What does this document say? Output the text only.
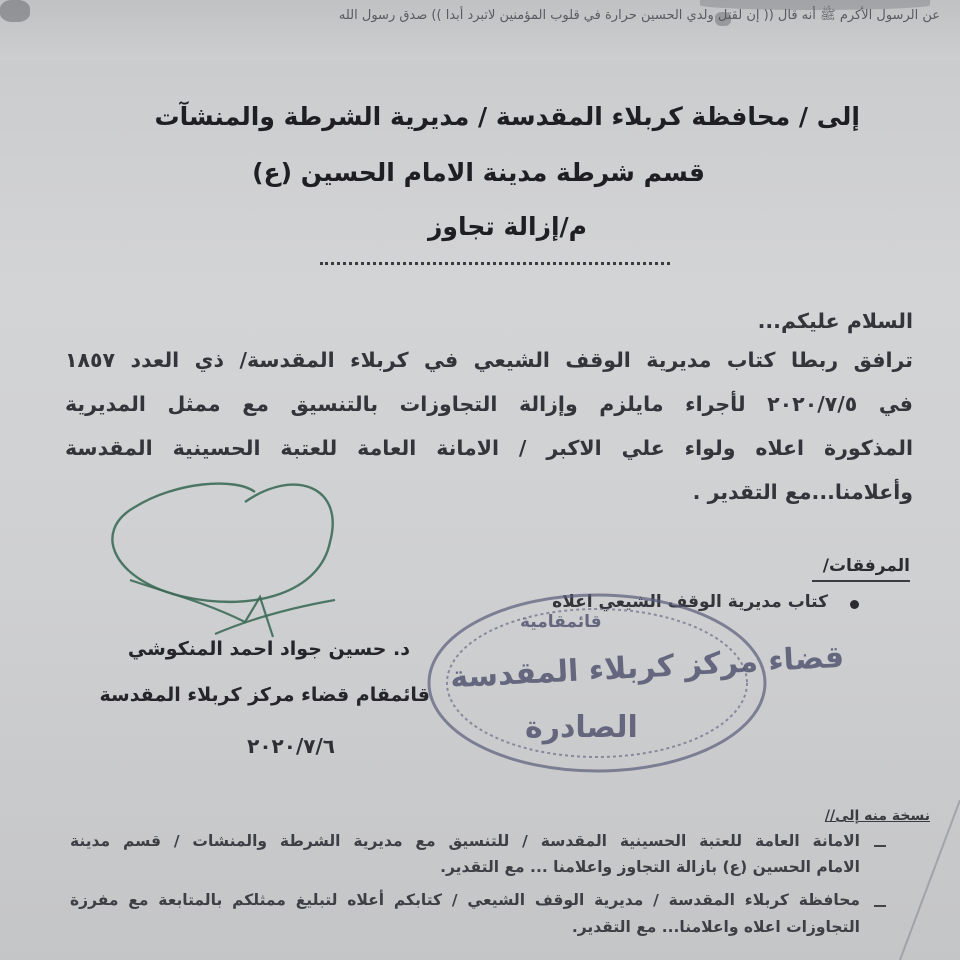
عن الرسول الأكرم ﷺ أنه قال (( إن لقتل ولدي الحسين حرارة في قلوب المؤمنين لاتبرد أبدا )) صدق رسول الله
إلى / محافظة كربلاء المقدسة / مديرية الشرطة والمنشآت
قسم شرطة مدينة الامام الحسين (ع)
م/إزالة تجاوز
السلام عليكم...
ترافق ربطا كتاب مديرية الوقف الشيعي في كربلاء المقدسة/ ذي العدد ١٨٥٧
في ٢٠٢٠/٧/٥ لأجراء مايلزم وإزالة التجاوزات بالتنسيق مع ممثل المديرية
المذكورة اعلاه ولواء علي الاكبر / الامانة العامة للعتبة الحسينية المقدسة
وأعلامنا...مع التقدير .
المرفقات/
كتاب مديرية الوقف الشيعي اعلاه
قائمقامية
قضاء مركز كربلاء المقدسة
الصادرة
د. حسين جواد احمد المنكوشي
قائمقام قضاء مركز كربلاء المقدسة
٢٠٢٠/٧/٦
نسخة منه إلى//
الامانة العامة للعتبة الحسينية المقدسة / للتنسيق مع مديرية الشرطة والمنشات / قسم مدينة
الامام الحسين (ع) بازالة التجاوز واعلامنا ... مع التقدير.
محافظة كربلاء المقدسة / مديرية الوقف الشيعي / كتابكم أعلاه لتبليغ ممثلكم بالمتابعة مع مفرزة
التجاوزات اعلاه واعلامنا... مع التقدير.
